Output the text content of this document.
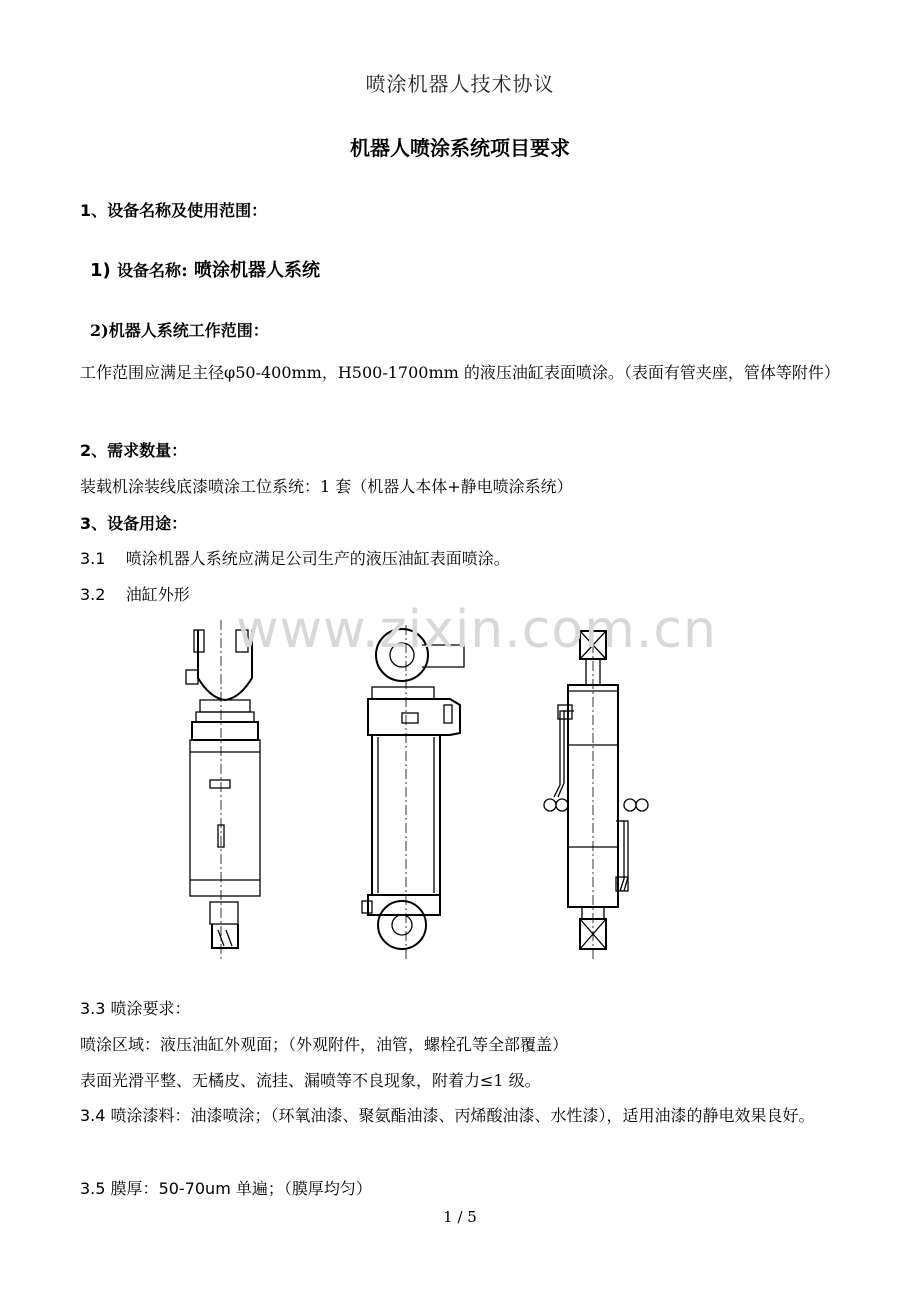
喷涂机器人技术协议
机器人喷涂系统项目要求
1、设备名称及使用范围：
1) 设备名称: 喷涂机器人系统
2)机器人系统工作范围：
工作范围应满足主径φ50-400mm，H500-1700mm 的液压油缸表面喷涂。（表面有管夹座，管体等附件）
2、需求数量：
装载机涂装线底漆喷涂工位系统：1 套（机器人本体+静电喷涂系统）
3、设备用途：
3.1 喷涂机器人系统应满足公司生产的液压油缸表面喷涂。
3.2 油缸外形
www.zixin.com.cn
3.3 喷涂要求：
喷涂区域：液压油缸外观面；（外观附件，油管，螺栓孔等全部覆盖）
表面光滑平整、无橘皮、流挂、漏喷等不良现象，附着力≤1 级。
3.4 喷涂漆料：油漆喷涂；（环氧油漆、聚氨酯油漆、丙烯酸油漆、水性漆），适用油漆的静电效果良好。
3.5 膜厚：50-70um 单遍；（膜厚均匀）
1 / 5
